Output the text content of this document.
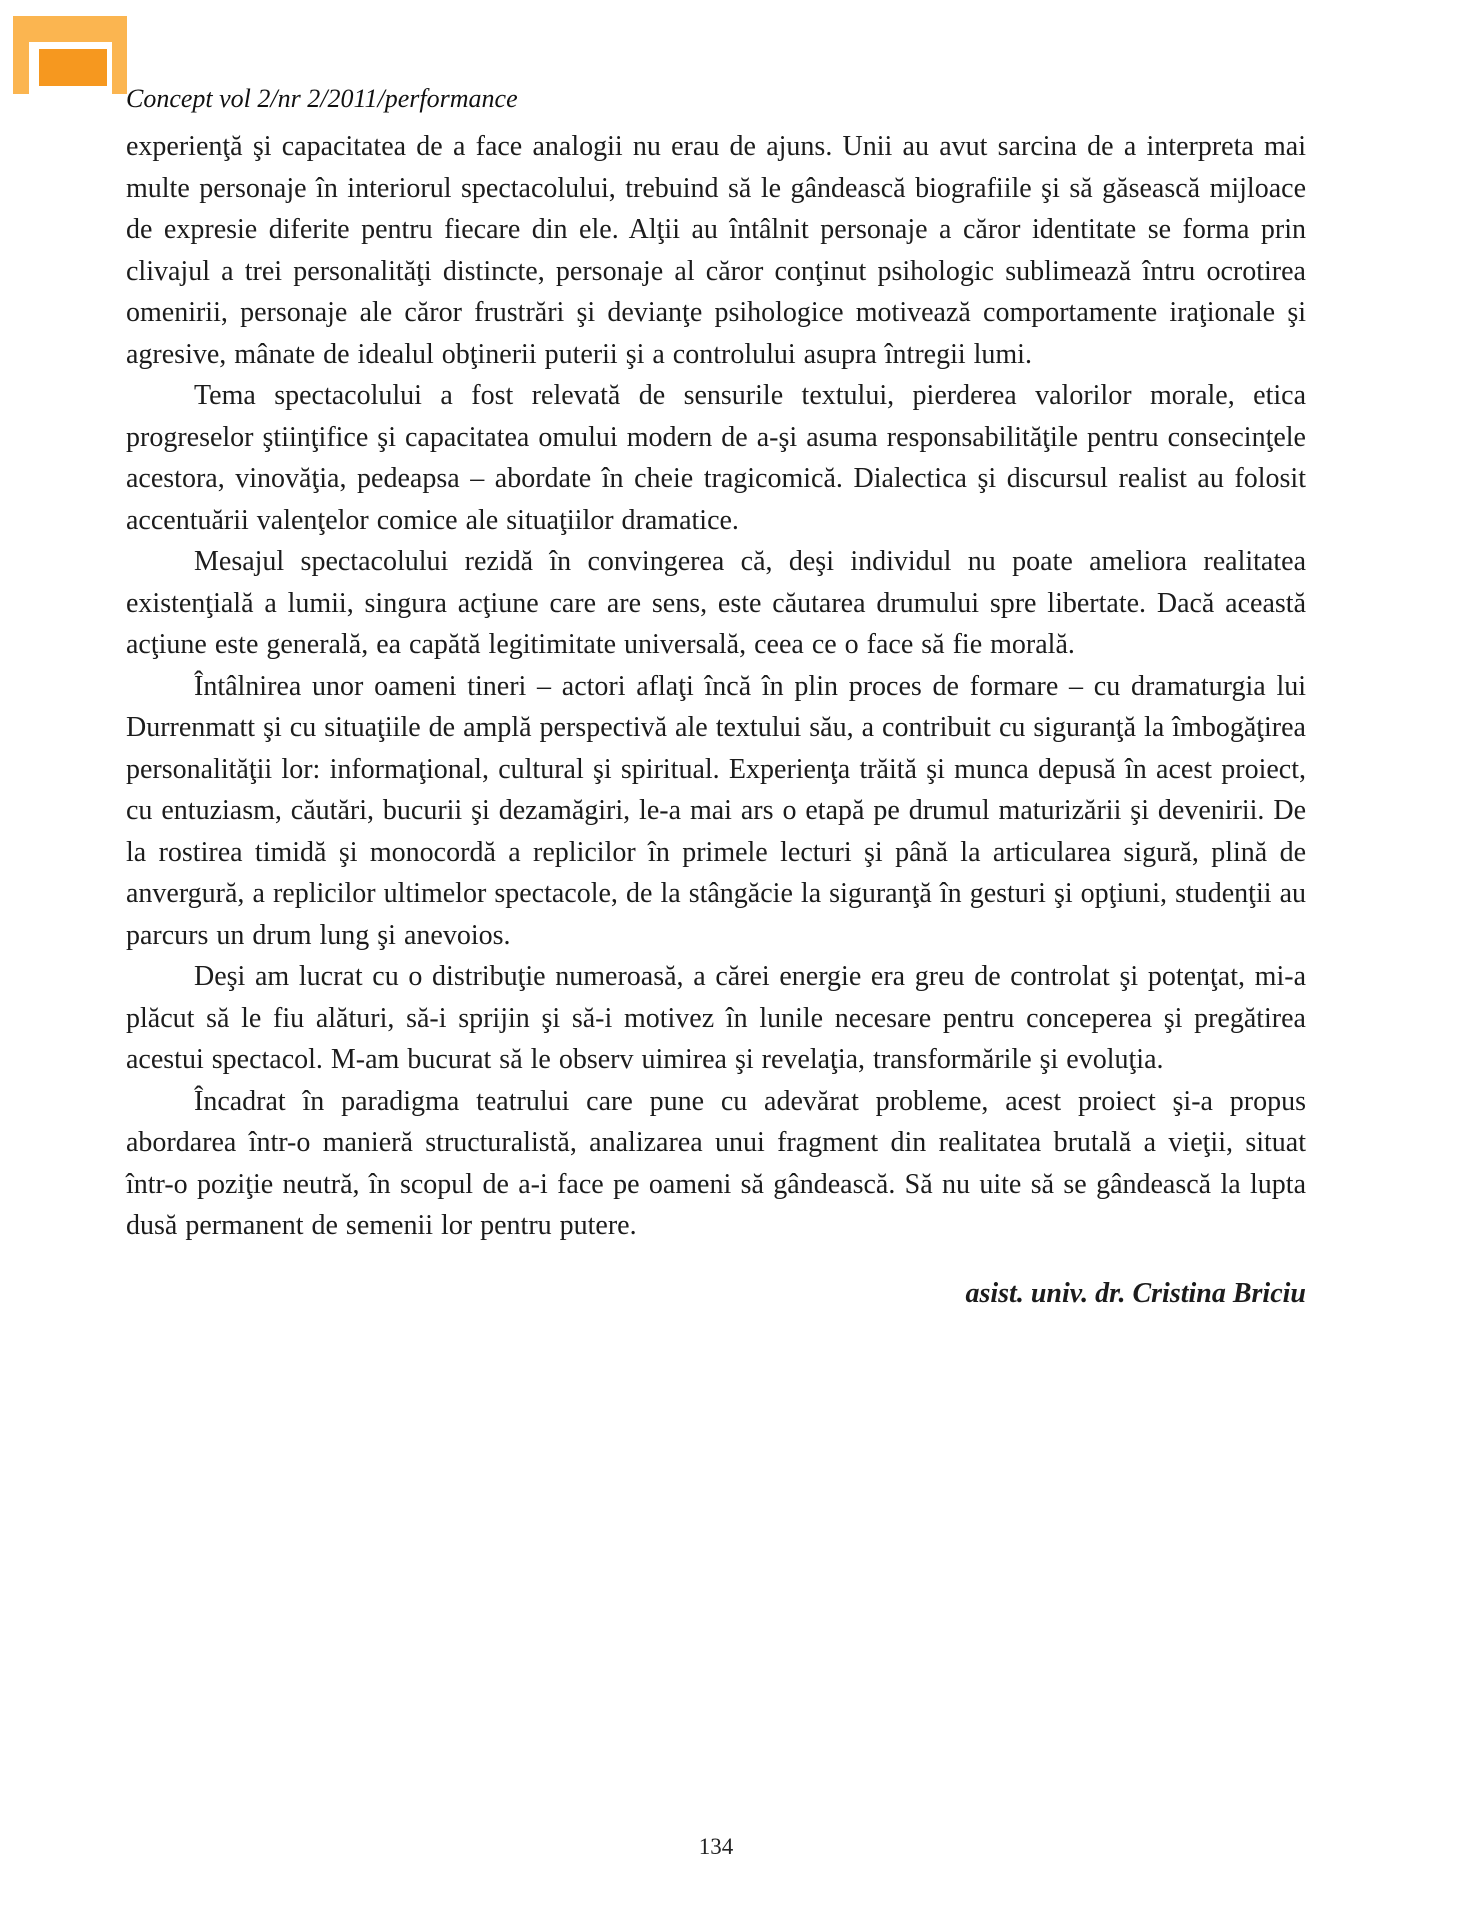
Concept vol 2/nr 2/2011/performance

experienţă şi capacitatea de a face analogii nu erau de ajuns. Unii au avut sarcina de a interpreta mai multe personaje în interiorul spectacolului, trebuind să le gândească biografiile şi să găsească mijloace de expresie diferite pentru fiecare din ele. Alţii au întâlnit personaje a căror identitate se forma prin clivajul a trei personalităţi distincte, personaje al căror conţinut psihologic sublimează întru ocrotirea omenirii, personaje ale căror frustrări şi devianţe psihologice motivează comportamente iraţionale şi agresive, mânate de idealul obţinerii puterii şi a controlului asupra întregii lumi.

Tema spectacolului a fost relevată de sensurile textului, pierderea valorilor morale, etica progreselor ştiinţifice şi capacitatea omului modern de a-şi asuma responsabilităţile pentru consecinţele acestora, vinovăţia, pedeapsa – abordate în cheie tragicomică. Dialectica şi discursul realist au folosit accentuării valenţelor comice ale situaţiilor dramatice.

Mesajul spectacolului rezidă în convingerea că, deşi individul nu poate ameliora realitatea existenţială a lumii, singura acţiune care are sens, este căutarea drumului spre libertate. Dacă această acţiune este generală, ea capătă legitimitate universală, ceea ce o face să fie morală.

Întâlnirea unor oameni tineri – actori aflaţi încă în plin proces de formare – cu dramaturgia lui Durrenmatt şi cu situaţiile de amplă perspectivă ale textului său, a contribuit cu siguranţă la îmbogăţirea personalităţii lor: informaţional, cultural şi spiritual. Experienţa trăită şi munca depusă în acest proiect, cu entuziasm, căutări, bucurii şi dezamăgiri, le-a mai ars o etapă pe drumul maturizării şi devenirii. De la rostirea timidă şi monocordă a replicilor în primele lecturi şi până la articularea sigură, plină de anvergură, a replicilor ultimelor spectacole, de la stângăcie la siguranţă în gesturi şi opţiuni, studenţii au parcurs un drum lung şi anevoios.

Deşi am lucrat cu o distribuţie numeroasă, a cărei energie era greu de controlat şi potenţat, mi-a plăcut să le fiu alături, să-i sprijin şi să-i motivez în lunile necesare pentru conceperea şi pregătirea acestui spectacol. M-am bucurat să le observ uimirea şi revelaţia, transformările şi evoluţia.

Încadrat în paradigma teatrului care pune cu adevărat probleme, acest proiect şi-a propus abordarea într-o manieră structuralistă, analizarea unui fragment din realitatea brutală a vieţii, situat într-o poziţie neutră, în scopul de a-i face pe oameni să gândească. Să nu uite să se gândească la lupta dusă permanent de semenii lor pentru putere.

asist. univ. dr. Cristina Briciu

134
